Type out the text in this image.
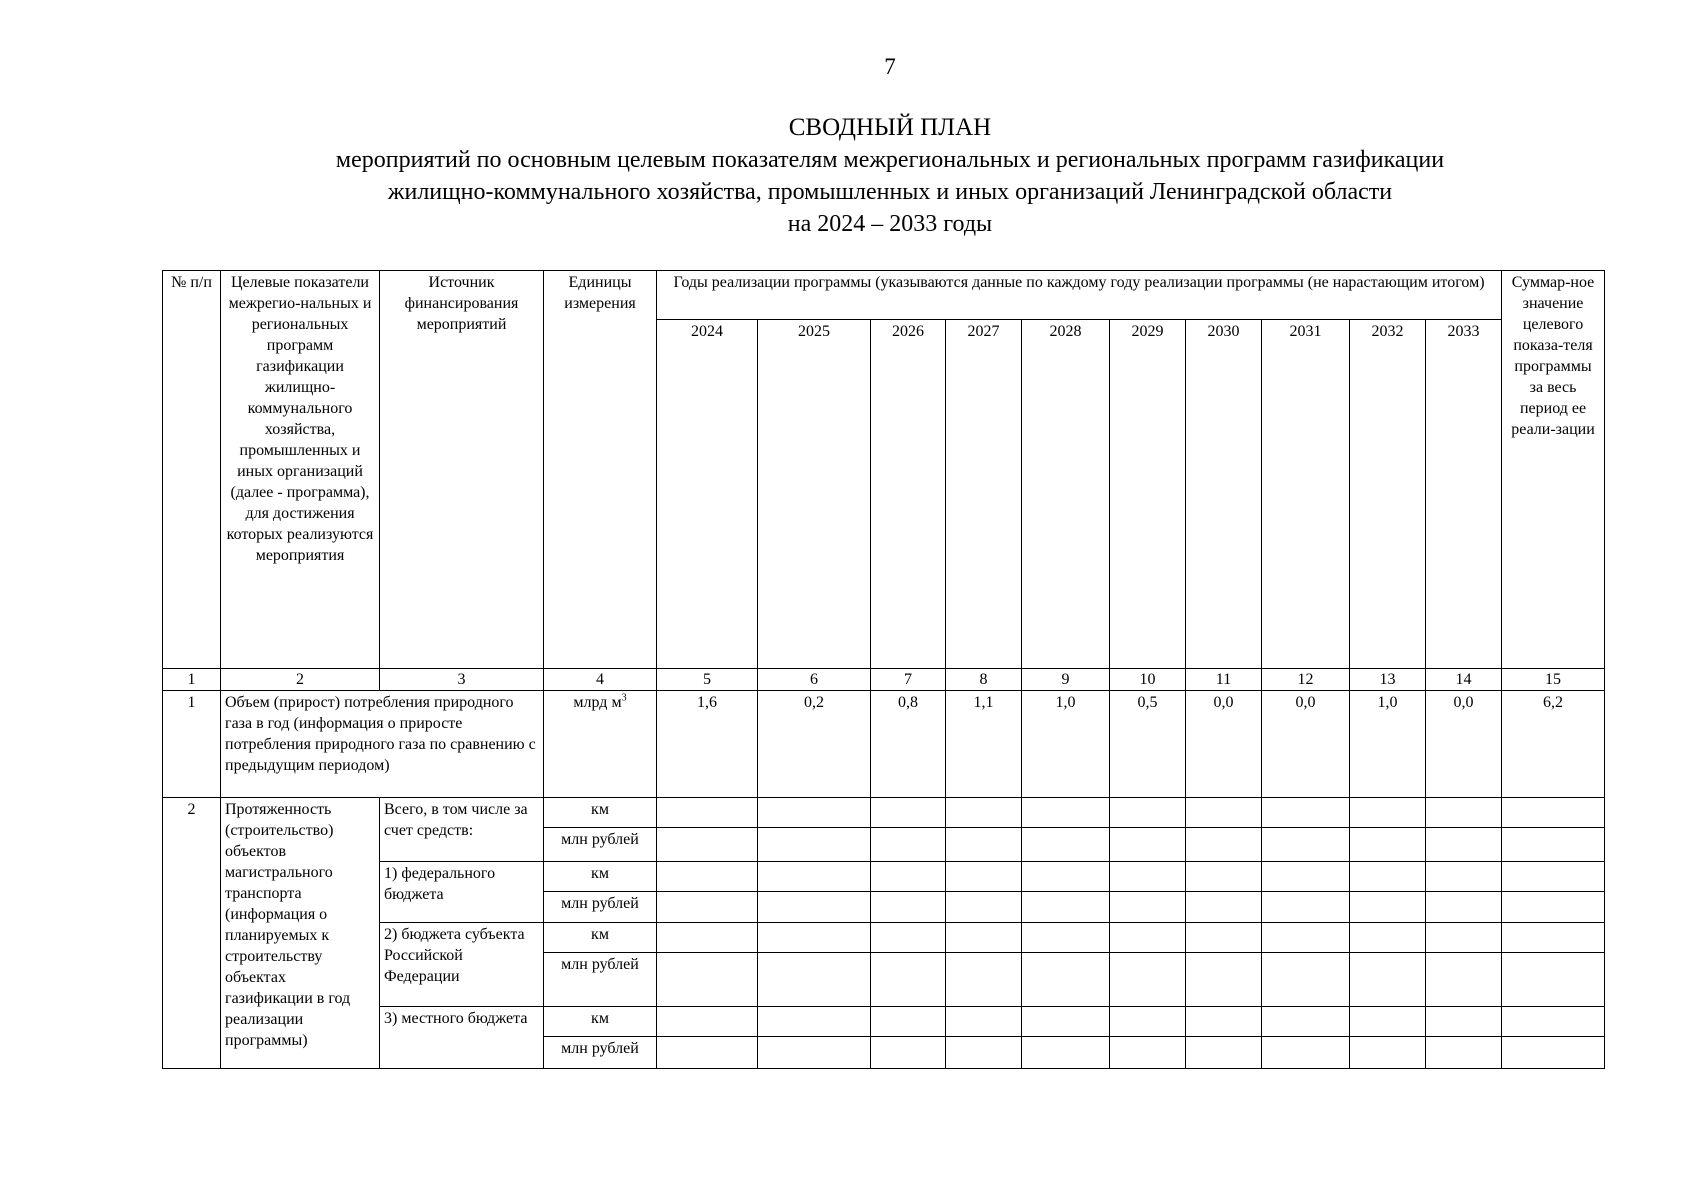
7
СВОДНЫЙ ПЛАН
мероприятий по основным целевым показателям межрегиональных и региональных программ газификации
жилищно-коммунального хозяйства, промышленных и иных организаций Ленинградской области
на 2024 – 2033 годы
№ п/п	Целевые показатели межрегио-нальных и региональных программ газификации жилищно-коммунального хозяйства, промышленных и иных организаций (далее - программа), для достижения которых реализуются мероприятия	Источник финансирования мероприятий	Единицы измерения	Годы реализации программы (указываются данные по каждому году реализации программы (не нарастающим итогом)										Суммар-ное значение целевого показа-теля программы за весь период ее реали-зации
				2024	2025	2026	2027	2028	2029	2030	2031	2032	2033	
1	2	3	4	5	6	7	8	9	10	11	12	13	14	15
1	Объем (прирост) потребления природного газа в год (информация о приросте потребления природного газа по сравнению с предыдущим периодом)		млрд $м^3$	1,6	0,2	0,8	1,1	1,0	0,5	0,0	0,0	1,0	0,0	6,2
2	Протяженность (строительство) объектов магистрального транспорта (информация о планируемых к строительству объектах газификации в год реализации программы)	Всего, в том числе за счет средств:	км											
			млн рублей											
		1) федерального бюджета	км											
			млн рублей											
		2) бюджета субъекта Российской Федерации	км											
			млн рублей											
		3) местного бюджета	км											
			млн рублей											
